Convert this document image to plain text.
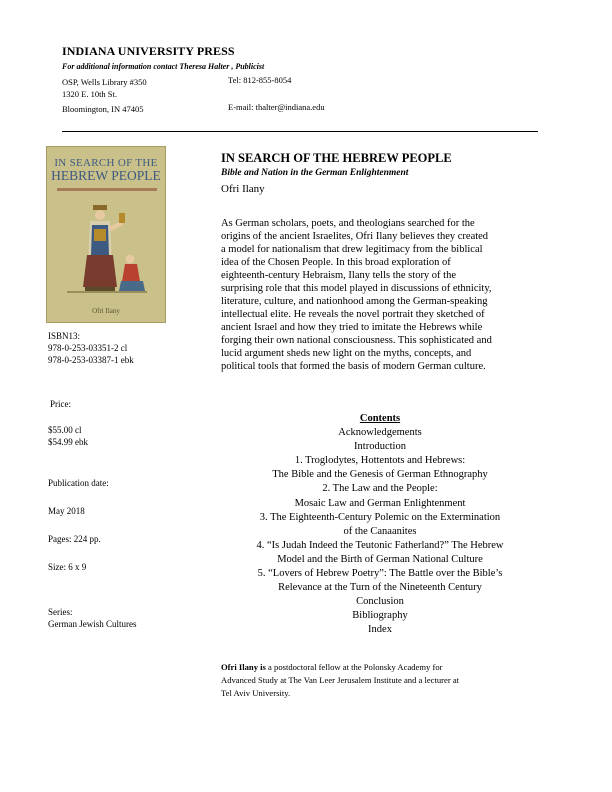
INDIANA UNIVERSITY PRESS
For additional information contact Theresa Halter , Publicist
OSP, Wells Library #350
1320 E. 10th St.
Bloomington, IN 47405
Tel: 812-855-8054
E-mail: thalter@indiana.edu
IN SEARCH OF THE
HEBREW PEOPLE
Ofri Ilany
ISBN13:
978-0-253-03351-2 cl
978-0-253-03387-1 ebk
Price:
$55.00 cl
$54.99 ebk
Publication date:
May 2018
Pages: 224 pp.
Size: 6 x 9
Series:
German Jewish Cultures
IN SEARCH OF THE HEBREW PEOPLE
Bible and Nation in the German Enlightenment
Ofri Ilany
As German scholars, poets, and theologians searched for the
origins of the ancient Israelites, Ofri Ilany believes they created
a model for nationalism that drew legitimacy from the biblical
idea of the Chosen People. In this broad exploration of
eighteenth-century Hebraism, Ilany tells the story of the
surprising role that this model played in discussions of ethnicity,
literature, culture, and nationhood among the German-speaking
intellectual elite. He reveals the novel portrait they sketched of
ancient Israel and how they tried to imitate the Hebrews while
forging their own national consciousness. This sophisticated and
lucid argument sheds new light on the myths, concepts, and
political tools that formed the basis of modern German culture.
Contents
Acknowledgements
Introduction
1. Troglodytes, Hottentots and Hebrews:
The Bible and the Genesis of German Ethnography
2. The Law and the People:
Mosaic Law and German Enlightenment
3. The Eighteenth-Century Polemic on the Extermination
of the Canaanites
4. “Is Judah Indeed the Teutonic Fatherland?” The Hebrew
Model and the Birth of German National Culture
5. “Lovers of Hebrew Poetry”: The Battle over the Bible’s
Relevance at the Turn of the Nineteenth Century
Conclusion
Bibliography
Index
Ofri Ilany is a postdoctoral fellow at the Polonsky Academy for
Advanced Study at The Van Leer Jerusalem Institute and a lecturer at
Tel Aviv University.
